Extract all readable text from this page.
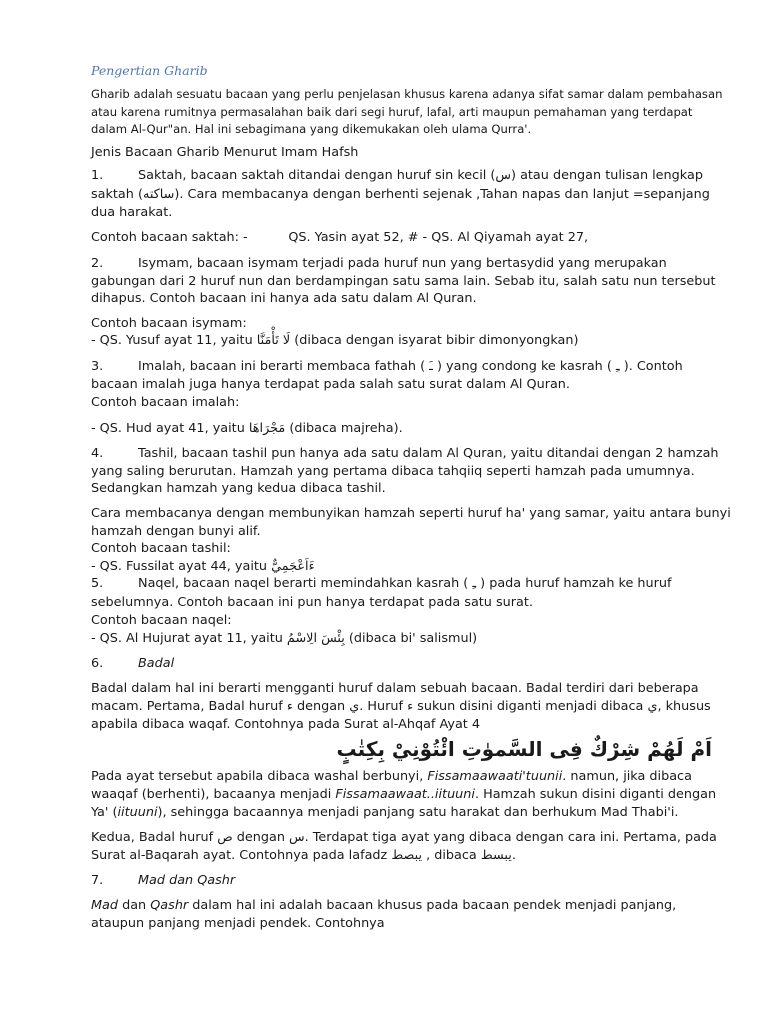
Pengertian Gharib

Gharib adalah sesuatu bacaan yang perlu penjelasan khusus karena adanya sifat samar dalam pembahasan

atau karena rumitnya permasalahan baik dari segi huruf, lafal, arti maupun pemahaman yang terdapat

dalam Al-Qur"an. Hal ini sebagimana yang dikemukakan oleh ulama Qurra'.

Jenis Bacaan Gharib Menurut Imam Hafsh

1.	Saktah, bacaan saktah ditandai dengan huruf sin kecil (س) atau dengan tulisan lengkap

saktah (ساكته). Cara membacanya dengan berhenti sejenak ,Tahan napas dan lanjut =sepanjang

dua harakat.

Contoh bacaan saktah: -          QS. Yasin ayat 52, # - QS. Al Qiyamah ayat 27,

2.	Isymam, bacaan isymam terjadi pada huruf nun yang bertasydid yang merupakan

gabungan dari 2 huruf nun dan berdampingan satu sama lain. Sebab itu, salah satu nun tersebut

dihapus. Contoh bacaan ini hanya ada satu dalam Al Quran.

Contoh bacaan isymam:

- QS. Yusuf ayat 11, yaitu لَا تَأْمَنَّا (dibaca dengan isyarat bibir dimonyongkan)

3.	Imalah, bacaan ini berarti membaca fathah ( ـَ ) yang condong ke kasrah ( ـِ ). Contoh

bacaan imalah juga hanya terdapat pada salah satu surat dalam Al Quran.

Contoh bacaan imalah:

- QS. Hud ayat 41, yaitu مَجْرَاهَا (dibaca majreha).

4.	Tashil, bacaan tashil pun hanya ada satu dalam Al Quran, yaitu ditandai dengan 2 hamzah

yang saling berurutan. Hamzah yang pertama dibaca tahqiiq seperti hamzah pada umumnya.

Sedangkan hamzah yang kedua dibaca tashil.

Cara membacanya dengan membunyikan hamzah seperti huruf ha' yang samar, yaitu antara bunyi

hamzah dengan bunyi alif.

Contoh bacaan tashil:

- QS. Fussilat ayat 44, yaitu ءَاَعْجَمِيٌّ

5.	Naqel, bacaan naqel berarti memindahkan kasrah ( ـِ ) pada huruf hamzah ke huruf

sebelumnya. Contoh bacaan ini pun hanya terdapat pada satu surat.

Contoh bacaan naqel:

- QS. Al Hujurat ayat 11, yaitu بِئْسَ الِاسْمُ (dibaca bi' salismul)

6.	Badal

Badal dalam hal ini berarti mengganti huruf dalam sebuah bacaan. Badal terdiri dari beberapa

macam. Pertama, Badal huruf ء dengan ي. Huruf ء sukun disini diganti menjadi dibaca ي, khusus

apabila dibaca waqaf. Contohnya pada Surat al-Ahqaf Ayat 4

اَمْ لَهُمْ شِرْكٌ فِى السَّموٰتِ ائْتُوْنِيْ بِكِتٰبٍ

Pada ayat tersebut apabila dibaca washal berbunyi, Fissamaawaati'tuunii. namun, jika dibaca

waaqaf (berhenti), bacaanya menjadi Fissamaawaat..iituuni. Hamzah sukun disini diganti dengan

Ya' (iituuni), sehingga bacaannya menjadi panjang satu harakat dan berhukum Mad Thabi'i.

Kedua, Badal huruf ص dengan س. Terdapat tiga ayat yang dibaca dengan cara ini. Pertama, pada

Surat al-Baqarah ayat. Contohnya pada lafadz يبصط , dibaca يبسط.

7.	Mad dan Qashr

Mad dan Qashr dalam hal ini adalah bacaan khusus pada bacaan pendek menjadi panjang,

ataupun panjang menjadi pendek. Contohnya
